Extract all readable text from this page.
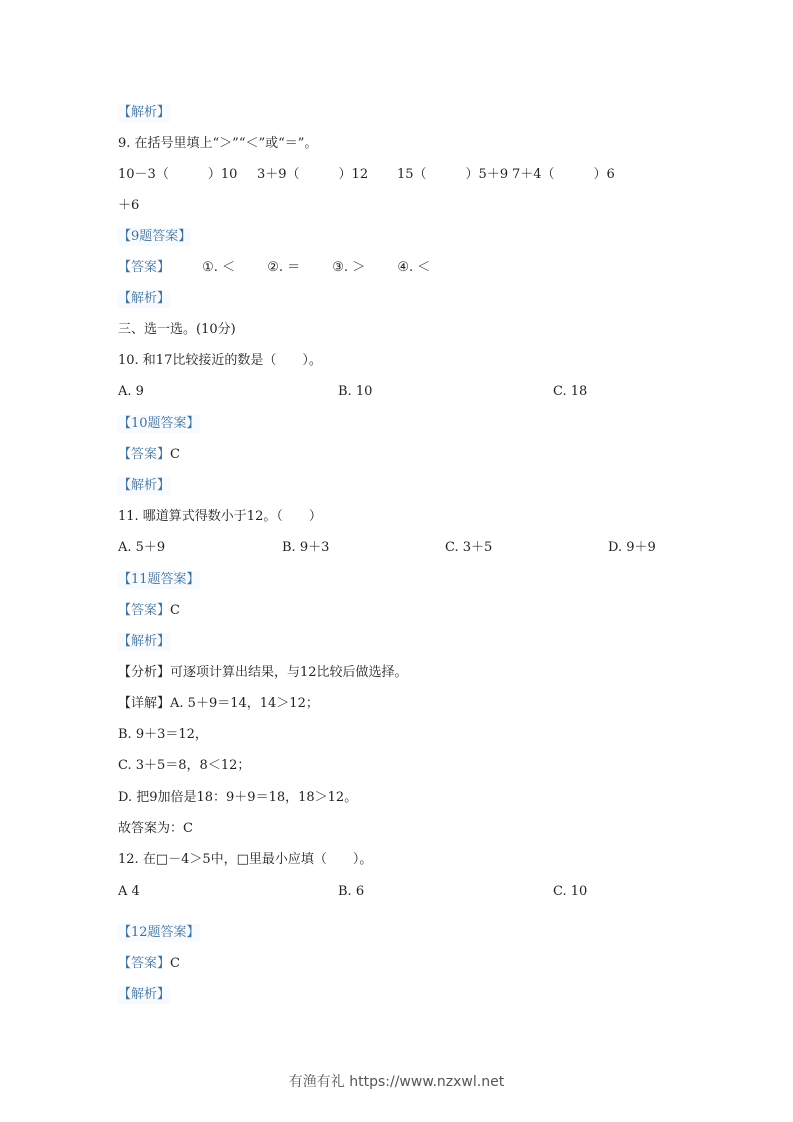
【解析】
9. 在括号里填上“＞”“＜”或“＝”。
10－3（　　　）10 3＋9（　　　）12 15（　　　）5＋9 7＋4（　　　）6
＋6
【9题答案】
【答案】 ①. ＜ ②. ＝ ③. ＞ ④. ＜
【解析】
三、选一选。(10分)
10. 和17比较接近的数是（　　）。
A. 9	B. 10	C. 18
【10题答案】
【答案】C
【解析】
11. 哪道算式得数小于12。（　　）
A. 5＋9	B. 9＋3	C. 3＋5	D. 9＋9
【11题答案】
【答案】C
【解析】
【分析】可逐项计算出结果，与12比较后做选择。
【详解】A. 5＋9＝14，14＞12；
B. 9＋3＝12，
C. 3＋5＝8，8＜12；
D. 把9加倍是18：9＋9＝18，18＞12。
故答案为：C
12. 在□－4＞5中，□里最小应填（　　）。
A 4	B. 6	C. 10
【12题答案】
【答案】C
【解析】
有渔有礼 https://www.nzxwl.net
